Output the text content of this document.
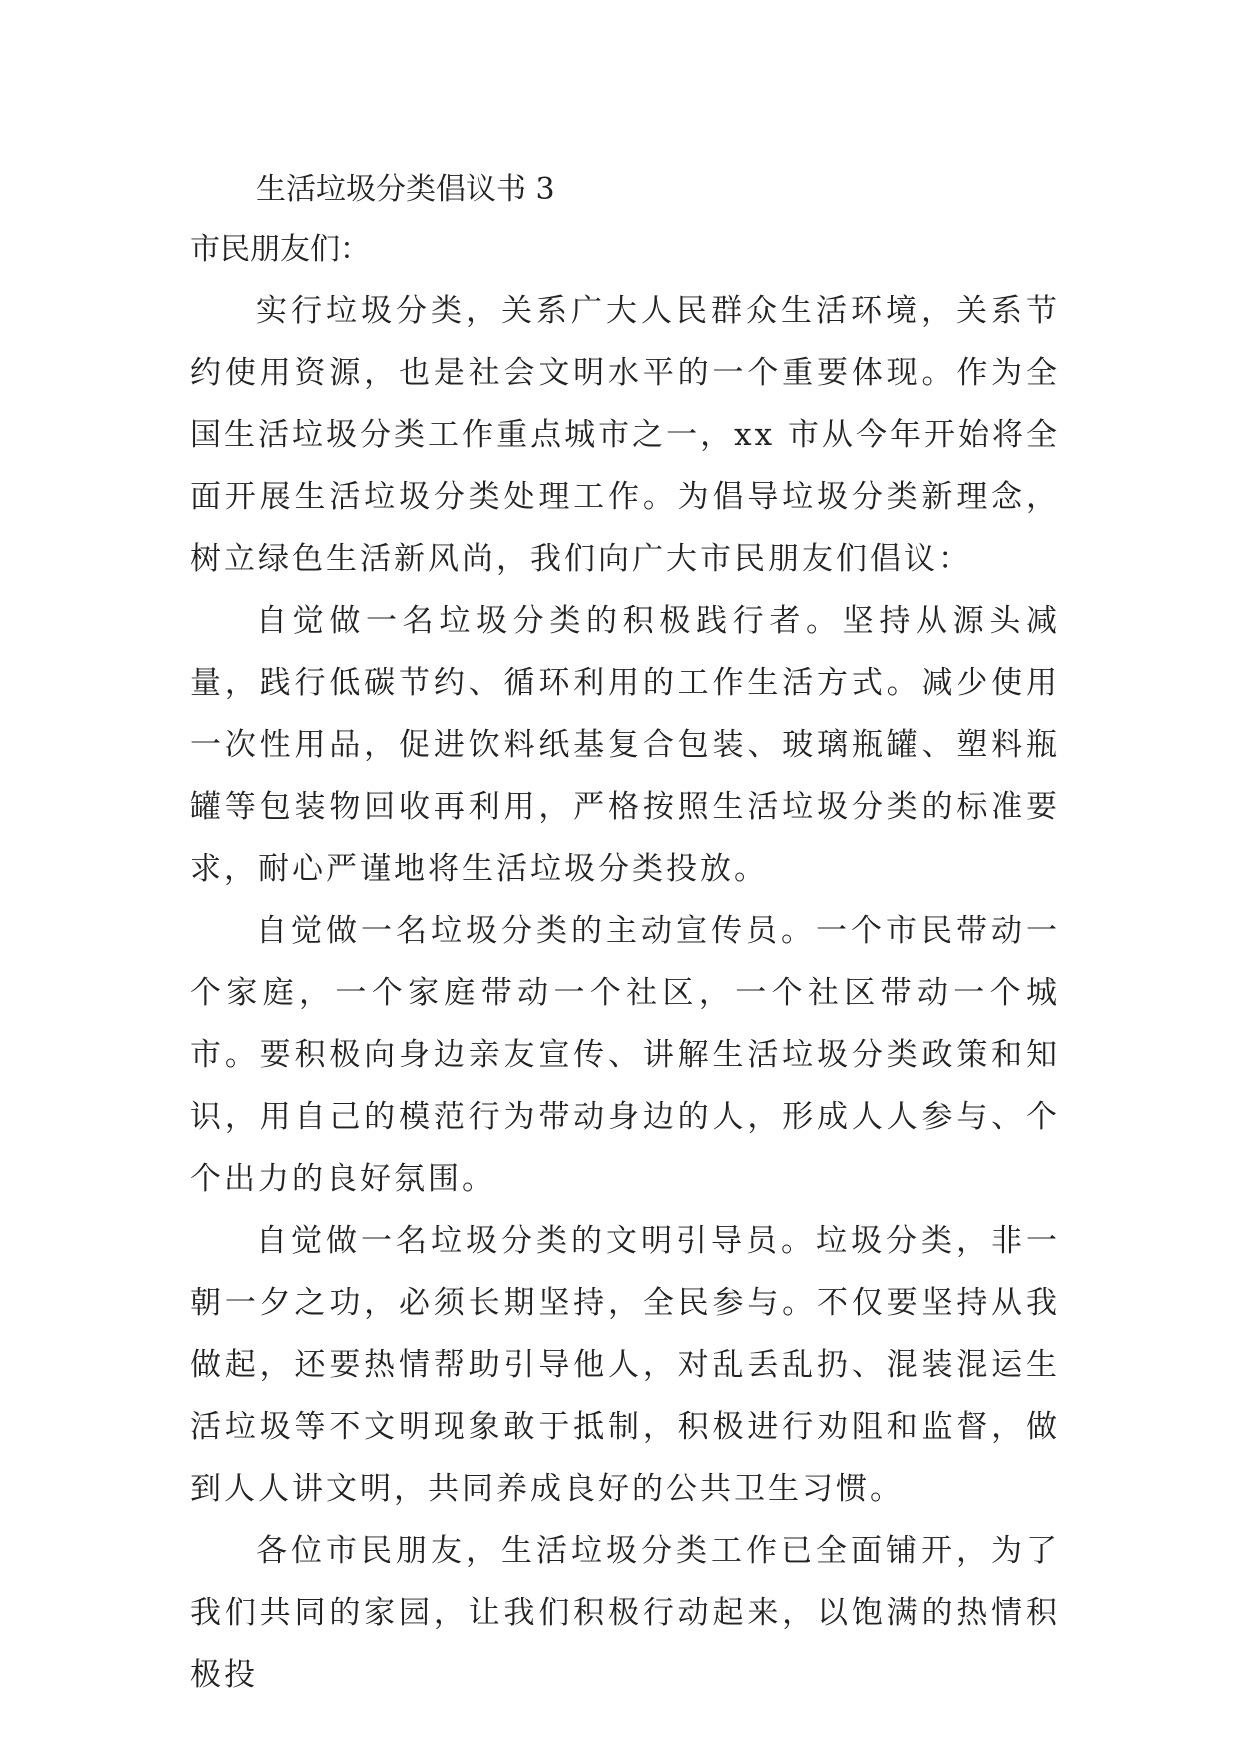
生活垃圾分类倡议书 3

市民朋友们：

实行垃圾分类，关系广大人民群众生活环境，关系节约使用资源，也是社会文明水平的一个重要体现。作为全国生活垃圾分类工作重点城市之一，xx 市从今年开始将全面开展生活垃圾分类处理工作。为倡导垃圾分类新理念，树立绿色生活新风尚，我们向广大市民朋友们倡议：

自觉做一名垃圾分类的积极践行者。坚持从源头减量，践行低碳节约、循环利用的工作生活方式。减少使用一次性用品，促进饮料纸基复合包装、玻璃瓶罐、塑料瓶罐等包装物回收再利用，严格按照生活垃圾分类的标准要求，耐心严谨地将生活垃圾分类投放。

自觉做一名垃圾分类的主动宣传员。一个市民带动一个家庭，一个家庭带动一个社区，一个社区带动一个城市。要积极向身边亲友宣传、讲解生活垃圾分类政策和知识，用自己的模范行为带动身边的人，形成人人参与、个个出力的良好氛围。

自觉做一名垃圾分类的文明引导员。垃圾分类，非一朝一夕之功，必须长期坚持，全民参与。不仅要坚持从我做起，还要热情帮助引导他人，对乱丢乱扔、混装混运生活垃圾等不文明现象敢于抵制，积极进行劝阻和监督，做到人人讲文明，共同养成良好的公共卫生习惯。

各位市民朋友，生活垃圾分类工作已全面铺开，为了我们共同的家园，让我们积极行动起来，以饱满的热情积极投
